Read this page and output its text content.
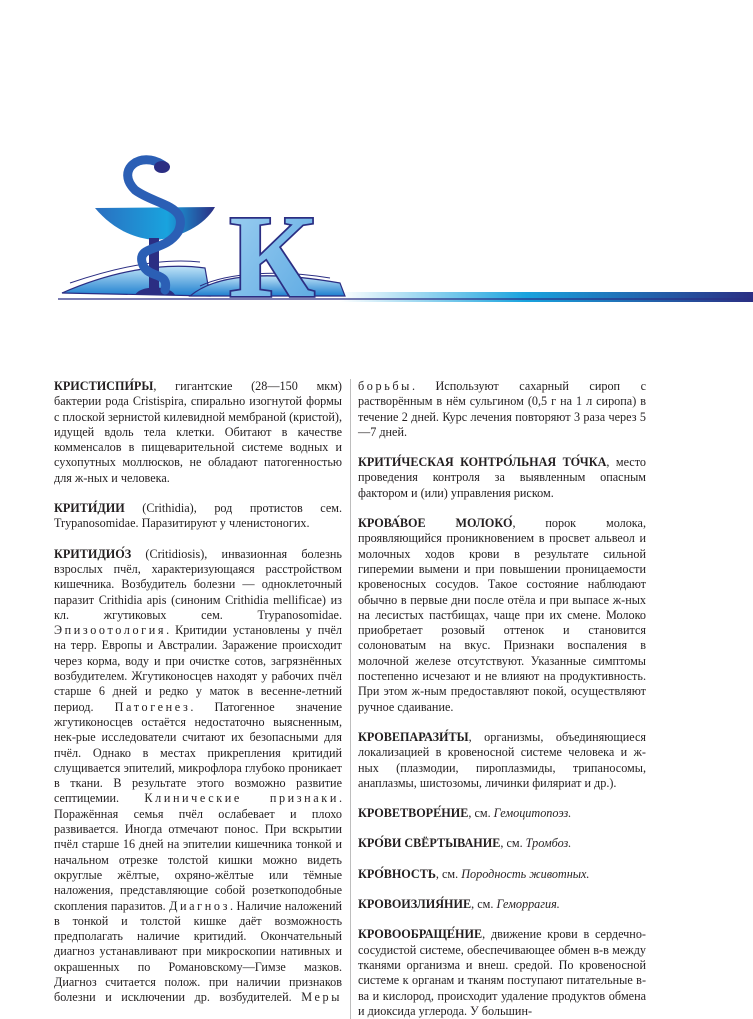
К

КРИСТИСПИ́РЫ, гигантские (28—150 мкм) бактерии рода Cristispira, спирально изогнутой формы с плоской зернистой килевидной мембраной (кристой), идущей вдоль тела клетки. Обитают в качестве комменсалов в пищеварительной системе водных и сухопутных моллюсков, не обладают патогенностью для ж-ных и человека.

КРИТИ́ДИИ (Crithidia), род протистов сем. Trypanosomidae. Паразитируют у членистоногих.

КРИТИДИО́З (Critidiosis), инвазионная болезнь взрослых пчёл, характеризующаяся расстройством кишечника. Возбудитель болезни — одноклеточный паразит Crithidia apis (синоним Crithidia mellificae) из кл. жгутиковых сем. Trypanosomidae. Эпизоотология. Критидии установлены у пчёл на терр. Европы и Австралии. Заражение происходит через корма, воду и при очистке сотов, загрязнённых возбудителем. Жгутиконосцев находят у рабочих пчёл старше 6 дней и редко у маток в весенне-летний период. Патогенез. Патогенное значение жгутиконосцев остаётся недостаточно выясненным, нек-рые исследователи считают их безопасными для пчёл. Однако в местах прикрепления критидий слущивается эпителий, микрофлора глубоко проникает в ткани. В результате этого возможно развитие септицемии. Клинические признаки. Поражённая семья пчёл ослабевает и плохо развивается. Иногда отмечают понос. При вскрытии пчёл старше 16 дней на эпителии кишечника тонкой и начальном отрезке толстой кишки можно видеть округлые жёлтые, охряно-жёлтые или тёмные наложения, представляющие собой розеткоподобные скопления паразитов. Диагноз. Наличие наложений в тонкой и толстой кишке даёт возможность предполагать наличие критидий. Окончательный диагноз устанавливают при микроскопии нативных и окрашенных по Романовскому—Гимзе мазков. Диагноз считается полож. при наличии признаков болезни и исключении др. возбудителей. Меры борьбы. Используют сахарный сироп с растворённым в нём сульгином (0,5 г на 1 л сиропа) в течение 2 дней. Курс лечения повторяют 3 раза через 5—7 дней.

КРИТИ́ЧЕСКАЯ КОНТРО́ЛЬНАЯ ТО́ЧКА, место проведения контроля за выявленным опасным фактором и (или) управления риском.

КРОВА́ВОЕ МОЛОКО́, порок молока, проявляющийся проникновением в просвет альвеол и молочных ходов крови в результате сильной гиперемии вымени и при повышении проницаемости кровеносных сосудов. Такое состояние наблюдают обычно в первые дни после отёла и при выпасе ж-ных на лесистых пастбищах, чаще при их смене. Молоко приобретает розовый оттенок и становится солоноватым на вкус. Признаки воспаления в молочной железе отсутствуют. Указанные симптомы постепенно исчезают и не влияют на продуктивность. При этом ж-ным предоставляют покой, осуществляют ручное сдаивание.

КРОВЕПАРАЗИ́ТЫ, организмы, объединяющиеся локализацией в кровеносной системе человека и ж-ных (плазмодии, пироплазмиды, трипаносомы, анаплазмы, шистозомы, личинки филяриат и др.).

КРОВЕТВОРЕ́НИЕ, см. Гемоцитопоэз.

КРО́ВИ СВЁРТЫВАНИЕ, см. Тромбоз.

КРО́ВНОСТЬ, см. Породность животных.

КРОВОИЗЛИЯ́НИЕ, см. Геморрагия.

КРОВООБРАЩЕ́НИЕ, движение крови в сердечно-сосудистой системе, обеспечивающее обмен в-в между тканями организма и внеш. средой. По кровеносной системе к органам и тканям поступают питательные в-ва и кислород, происходит удаление продуктов обмена и диоксида углерода. У большин-
